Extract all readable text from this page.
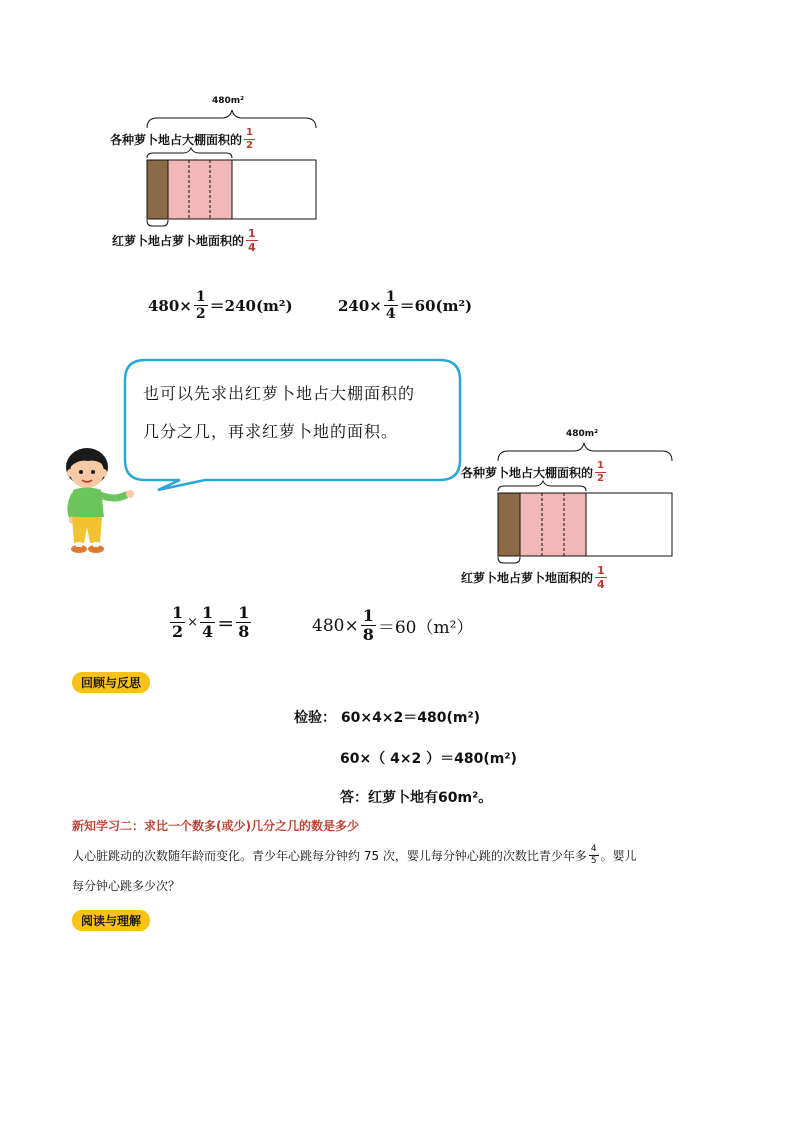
480m²
各种萝卜地占大棚面积的 $\frac{1}{2}$
红萝卜地占萝卜地面积的 $\frac{1}{4}$
$480\times \frac{1}{2} =240(m^2)$	$240\times \frac{1}{4} =60(m^2)$
也可以先求出红萝卜地占大棚面积的
几分之几，再求红萝卜地的面积。	480m²
各种萝卜地占大棚面积的 $\frac{1}{2}$
红萝卜地占萝卜地面积的 $\frac{1}{4}$
$\frac{1}{2} \times \frac{1}{4} = \frac{1}{8}$	$480\times \frac{1}{8} =60(m^2)$
回顾与反思
检验： 60×4×2＝480(m²)
60×（ 4×2 ）＝480(m²)
答：红萝卜地有60m²。
新知学习二：求比一个数多(或少)几分之几的数是多少
人心脏跳动的次数随年龄而变化。青少年心跳每分钟约 75 次，婴儿每分钟心跳的次数比青少年多 $\frac{4}{5}$ 。婴儿
每分钟心跳多少次？
阅读与理解
